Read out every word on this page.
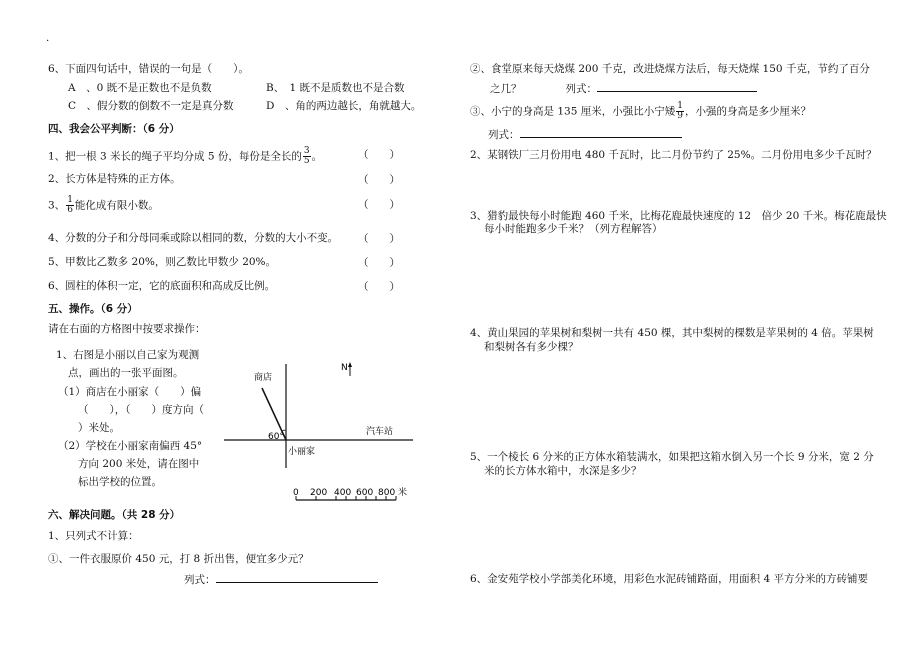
·
6、下面四句话中，错误的一句是（　　）。
A　、0 既不是正数也不是负数	B、　1 既不是质数也不是合数
C　、假分数的倒数不一定是真分数	D　、角的两边越长，角就越大。
四、我会公平判断：（6 分）
1、把一根 3 米长的绳子平均分成 5 份，每份是全长的 $\frac{3}{5}$ 。	（　　）
2、长方体是特殊的正方体。	（　　）
3、 $\frac{1}{6}$ 能化成有限小数。	（　　）
4、分数的分子和分母同乘或除以相同的数，分数的大小不变。 （　　）
5、甲数比乙数多 20%，则乙数比甲数少 20%。	（　　）
6、圆柱的体积一定，它的底面积和高成反比例。	（　　）
五、操作。（6 分）
请在右面的方格图中按要求操作：
1、右图是小丽以自己家为观测
点，画出的一张平面图。
（1）商店在小丽家（　　）偏
（　　），（　　）度方向（
）米处。
（2）学校在小丽家南偏西 45°
方向 200 米处，请在图中
标出学校的位置。
商店
N
汽车站
小丽家
60°
0 200 400 600 800 米
六、解决问题。（共 28 分）
1、只列式不计算：
①、一件衣服原价 450 元，打 8 折出售，便宜多少元？
列式：
②、食堂原来每天烧煤 200 千克，改进烧煤方法后，每天烧煤 150 千克，节约了百分
之几？	列式：
③、小宁的身高是 135 厘米，小强比小宁矮 $\frac{1}{9}$ ，小强的身高是多少厘米？
列式：
2、某钢铁厂三月份用电 480 千瓦时，比二月份节约了 25%。二月份用电多少千瓦时？
3、猎豹最快每小时能跑 460 千米，比梅花鹿最快速度的 12　倍少 20 千米。梅花鹿最快
每小时能跑多少千米？（列方程解答）
4、黄山果园的苹果树和梨树一共有 450 棵，其中梨树的棵数是苹果树的 4 倍。苹果树
和梨树各有多少棵？
5、一个棱长 6 分米的正方体水箱装满水，如果把这箱水倒入另一个长 9 分米，宽 2 分
米的长方体水箱中，水深是多少？
6、金安苑学校小学部美化环境，用彩色水泥砖铺路面，用面积 4 平方分米的方砖铺要
